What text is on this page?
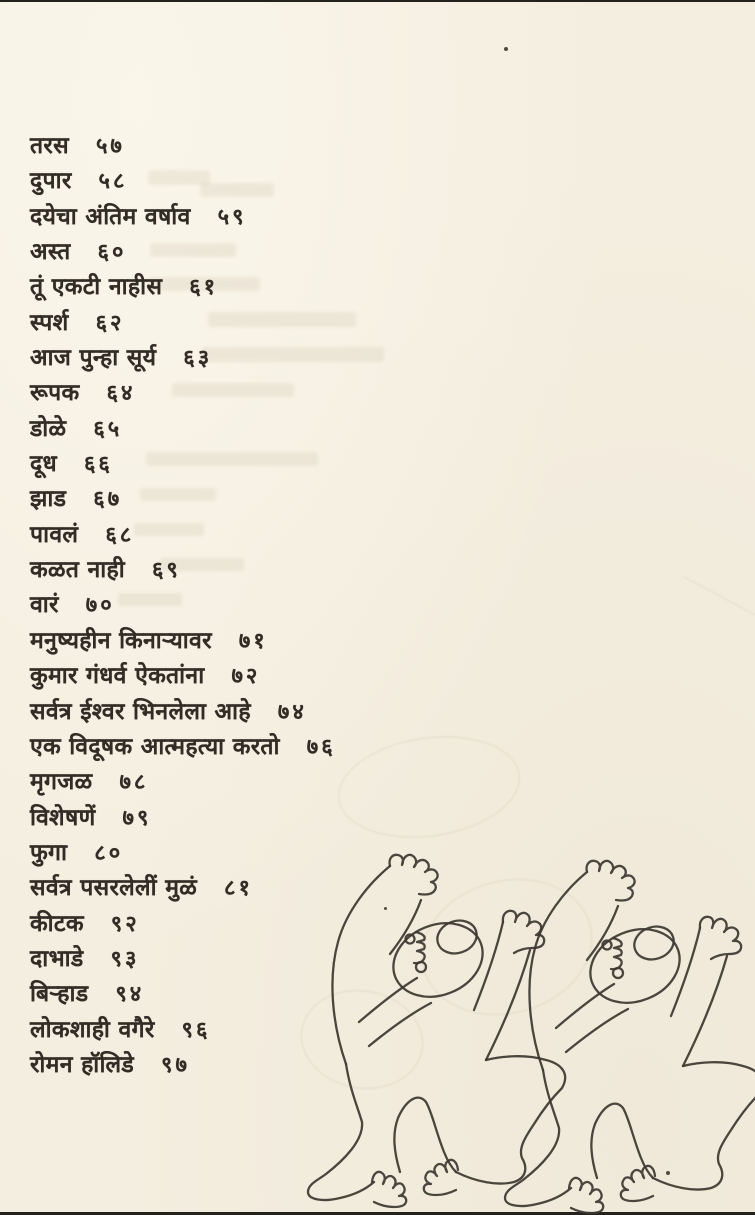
तरस ५७
दुपार ५८
दयेचा अंतिम वर्षाव ५९
अस्त ६०
तूं एकटी नाहीस ६१
स्पर्श ६२
आज पुन्हा सूर्य ६३
रूपक ६४
डोळे ६५
दूध ६६
झाड ६७
पावलं ६८
कळत नाही ६९
वारं ७०
मनुष्यहीन किनाऱ्यावर ७१
कुमार गंधर्व ऐकतांना ७२
सर्वत्र ईश्वर भिनलेला आहे ७४
एक विदूषक आत्महत्या करतो ७६
मृगजळ ७८
विशेषणें ७९
फुगा ८०
सर्वत्र पसरलेलीं मुळं ८१
कीटक ९२
दाभाडे ९३
बिऱ्हाड ९४
लोकशाही वगैरे ९६
रोमन हॉलिडे ९७
